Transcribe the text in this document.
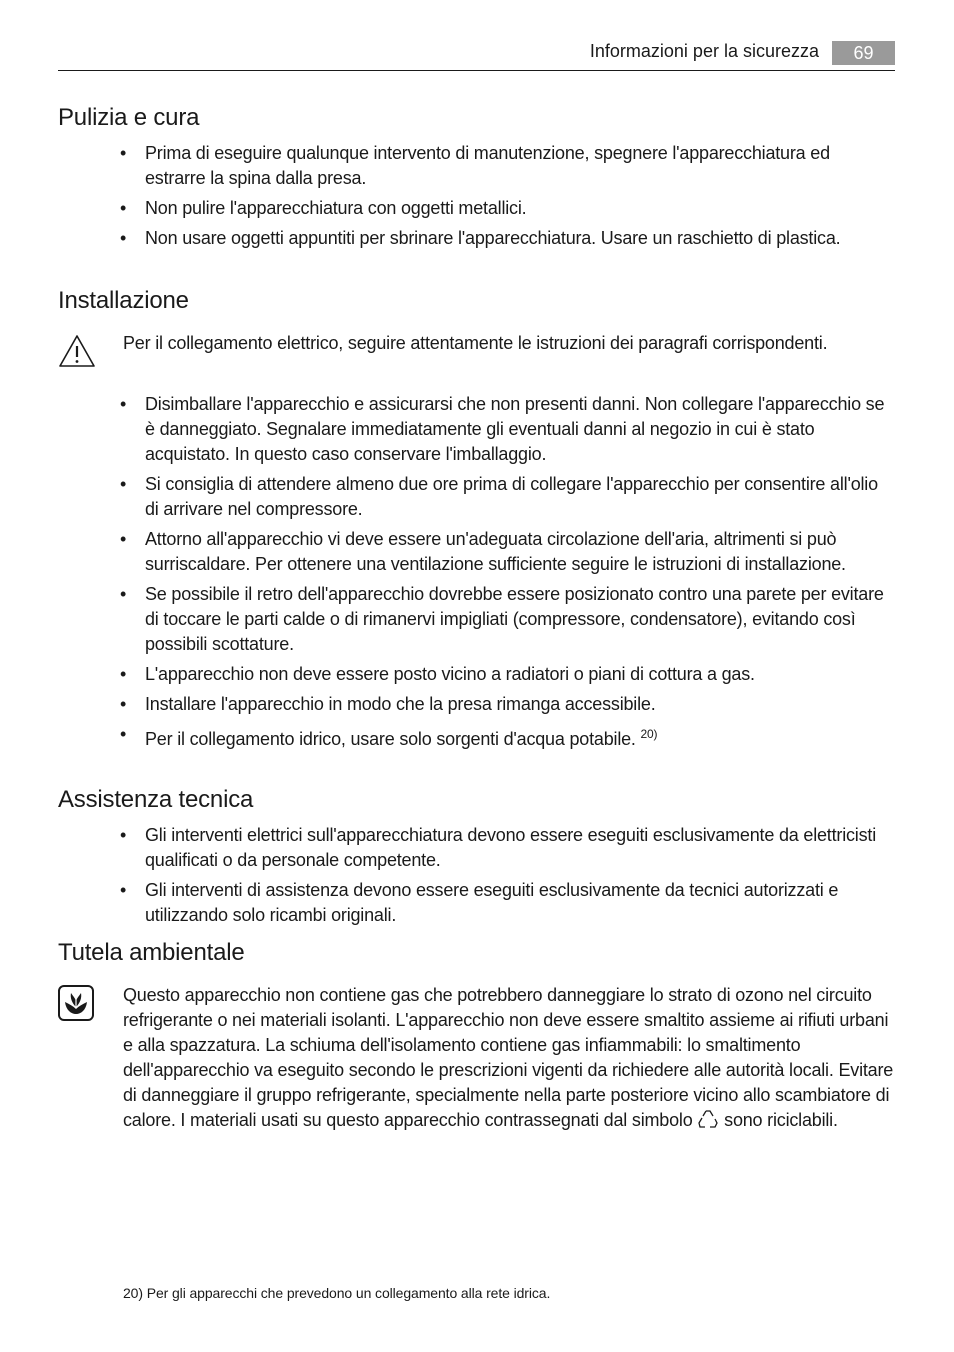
Informazioni per la sicurezza	69
Pulizia e cura
• Prima di eseguire qualunque intervento di manutenzione, spegnere l'apparecchiatura ed estrarre la spina dalla presa.
• Non pulire l'apparecchiatura con oggetti metallici.
• Non usare oggetti appuntiti per sbrinare l'apparecchiatura. Usare un raschietto di plastica.
Installazione

Per il collegamento elettrico, seguire attentamente le istruzioni dei paragrafi corrispondenti.

• Disimballare l'apparecchio e assicurarsi che non presenti danni. Non collegare l'apparecchio se è danneggiato. Segnalare immediatamente gli eventuali danni al negozio in cui è stato acquistato. In questo caso conservare l'imballaggio.
• Si consiglia di attendere almeno due ore prima di collegare l'apparecchio per consentire all'olio di arrivare nel compressore.
• Attorno all'apparecchio vi deve essere un'adeguata circolazione dell'aria, altrimenti si può surriscaldare. Per ottenere una ventilazione sufficiente seguire le istruzioni di installazione.
• Se possibile il retro dell'apparecchio dovrebbe essere posizionato contro una parete per evitare di toccare le parti calde o di rimanervi impigliati (compressore, condensatore), evitando così possibili scottature.
• L'apparecchio non deve essere posto vicino a radiatori o piani di cottura a gas.
• Installare l'apparecchio in modo che la presa rimanga accessibile.
• Per il collegamento idrico, usare solo sorgenti d'acqua potabile. $^{20)}$
Assistenza tecnica
• Gli interventi elettrici sull'apparecchiatura devono essere eseguiti esclusivamente da elettricisti qualificati o da personale competente.
• Gli interventi di assistenza devono essere eseguiti esclusivamente da tecnici autorizzati e utilizzando solo ricambi originali.
Tutela ambientale

Questo apparecchio non contiene gas che potrebbero danneggiare lo strato di ozono nel circuito refrigerante o nei materiali isolanti. L'apparecchio non deve essere smaltito assieme ai rifiuti urbani e alla spazzatura. La schiuma dell'isolamento contiene gas infiammabili: lo smaltimento dell'apparecchio va eseguito secondo le prescrizioni vigenti da richiedere alle autorità locali. Evitare di danneggiare il gruppo refrigerante, specialmente nella parte posteriore vicino allo scambiatore di calore. I materiali usati su questo apparecchio contrassegnati dal simbolo sono riciclabili.

20) Per gli apparecchi che prevedono un collegamento alla rete idrica.
